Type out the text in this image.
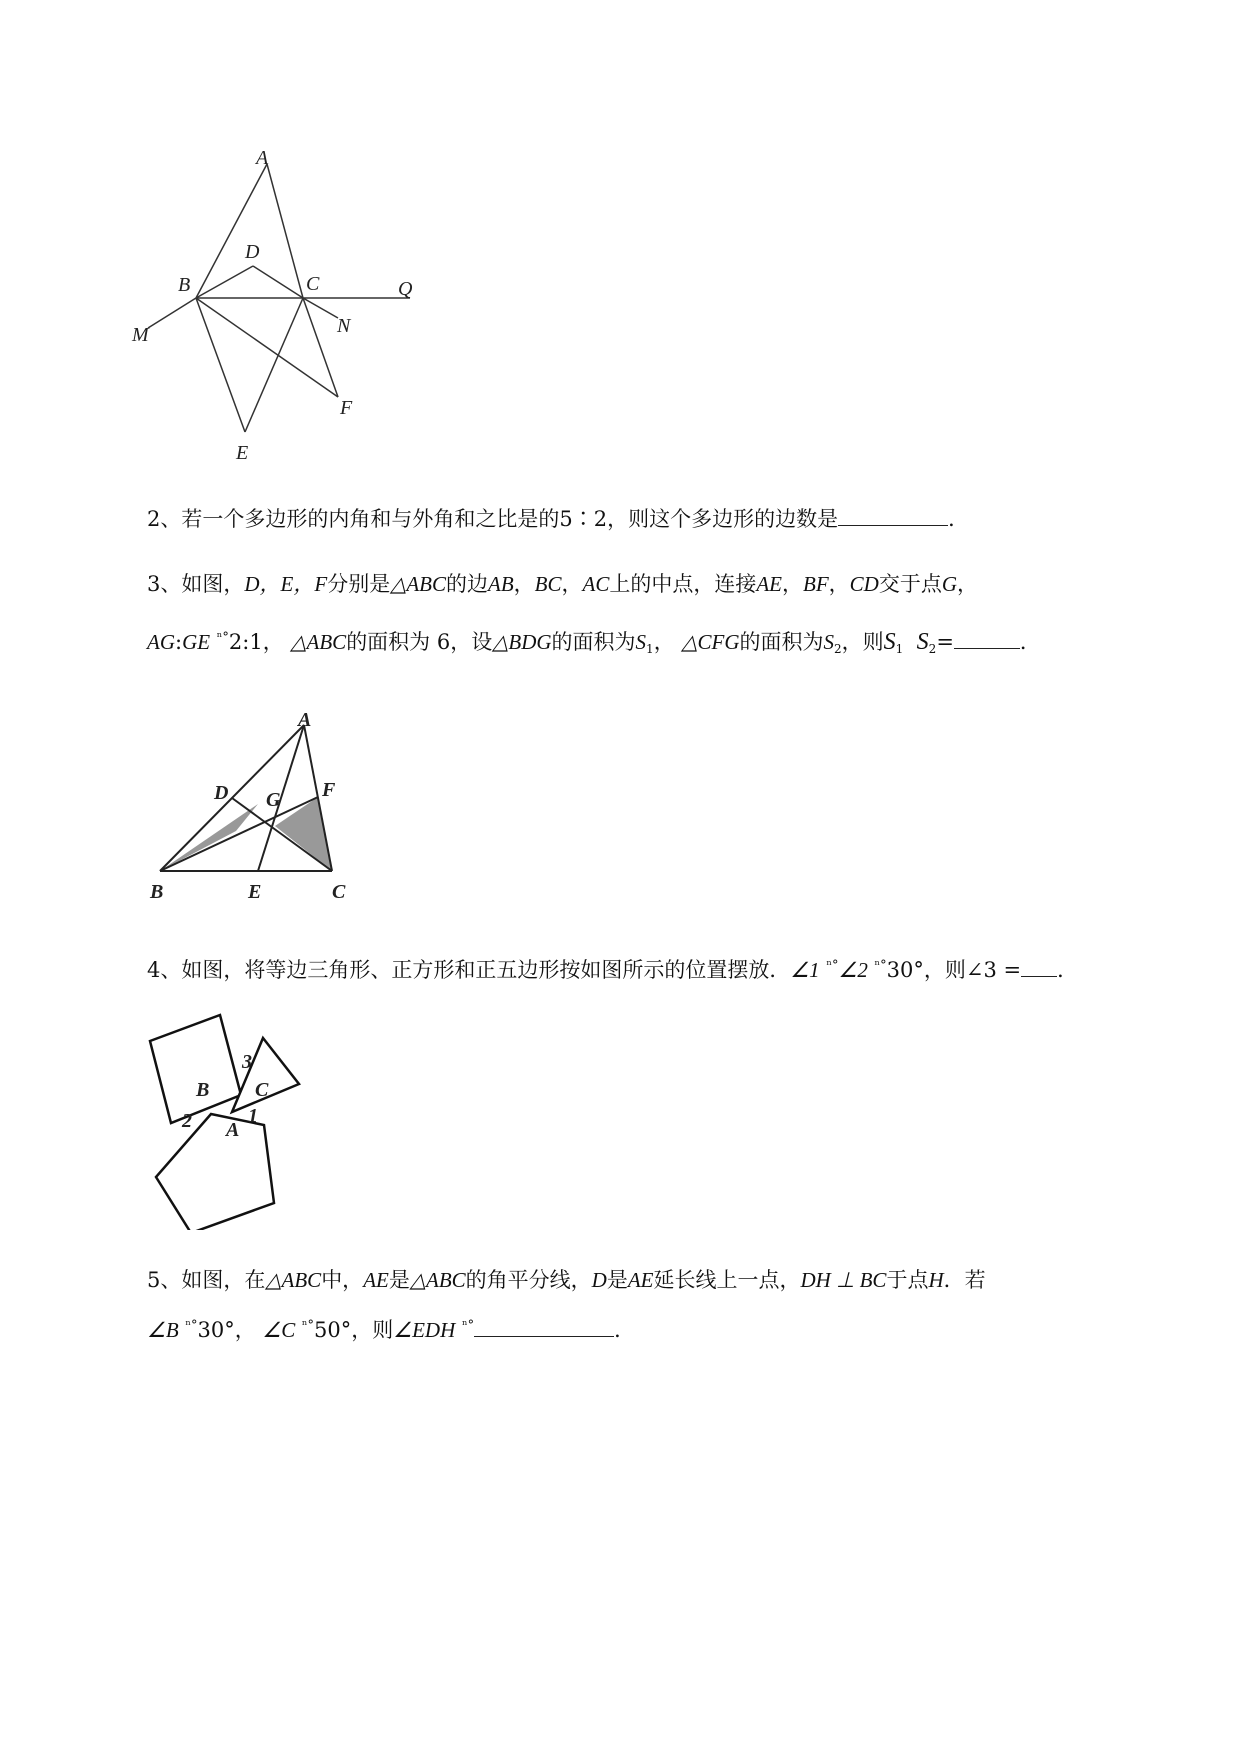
A
D
B	C	Q
M	N
F
E
2、若一个多边形的内角和与外角和之比是的5∶2，则这个多边形的边数是	．
3、如图，D，E，F分别是△ABC的边AB，BC，AC上的中点，连接AE，BF，CD交于点G，
AG:GE $^{^n^\circ}$2:1， △ABC的面积为 6，设△BDG的面积为$S_1$， △CFG的面积为$S_2$，则$S_1$ $S_2=$	．
A
D G F
B	E	C
4、如图，将等边三角形、正方形和正五边形按如图所示的位置摆放．∠1 $^{^n^\circ}$∠2 $^{^n^\circ}$30°，则∠3 = ．
B C
A
3
2	1
5、如图，在△ABC中，AE是△ABC的角平分线，D是AE延长线上一点，DH ⊥ BC于点H．若
∠B $^{^n^\circ}$30°， ∠C $^{^n^\circ}$50°，则∠EDH $^{^n^\circ}$	．
